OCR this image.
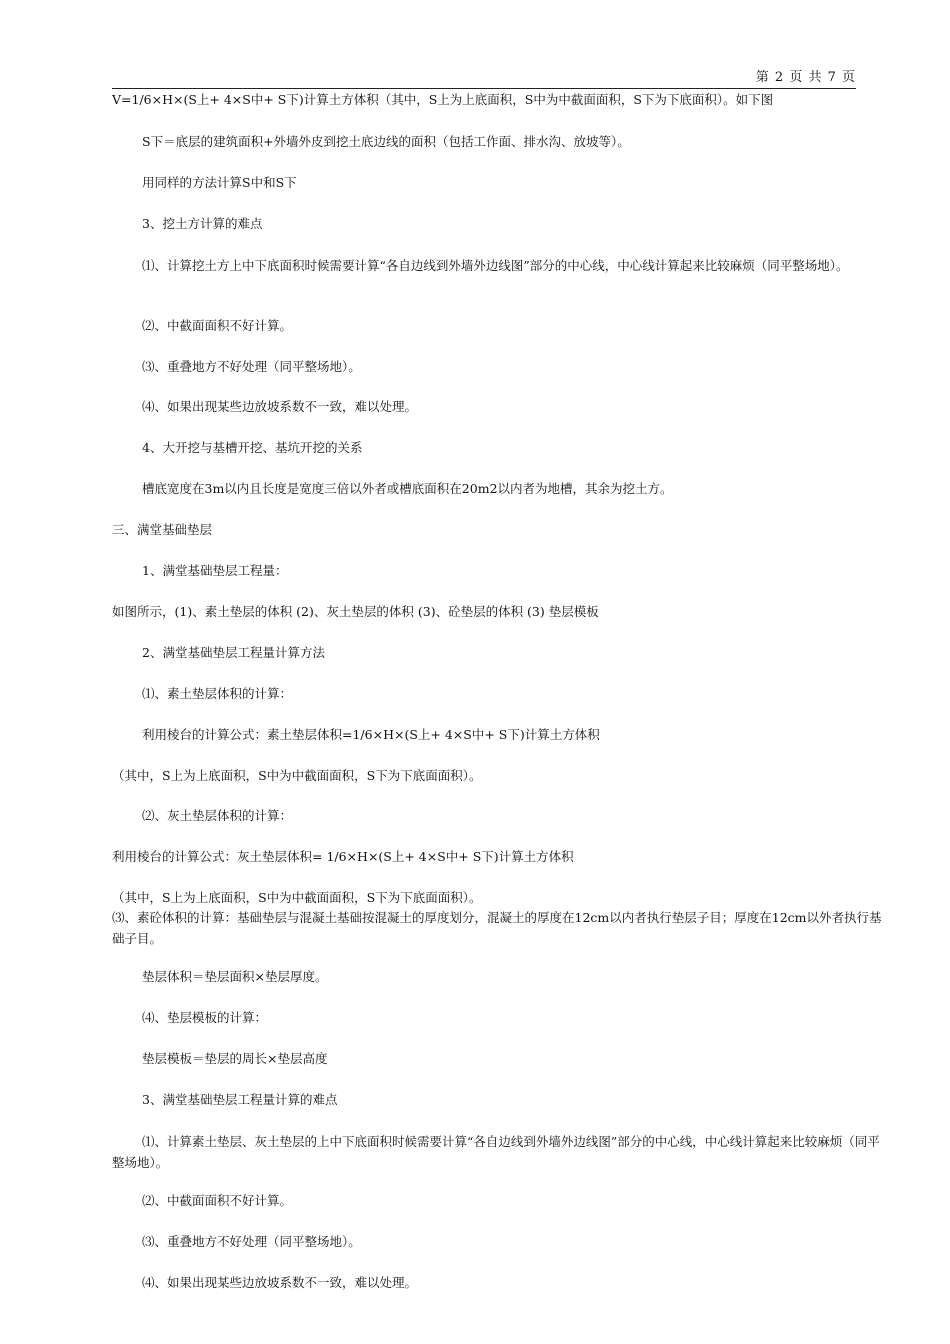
第 2 页 共 7 页
V=1/6×H×(S上+ 4×S中+ S下)计算土方体积（其中，S上为上底面积，S中为中截面面积，S下为下底面积）。如下图
S下＝底层的建筑面积+外墙外皮到挖土底边线的面积（包括工作面、排水沟、放坡等）。
用同样的方法计算S中和S下
3、挖土方计算的难点
⑴、计算挖土方上中下底面积时候需要计算“各自边线到外墙外边线图”部分的中心线，中心线计算起来比较麻烦（同平整场地）。
⑵、中截面面积不好计算。
⑶、重叠地方不好处理（同平整场地）。
⑷、如果出现某些边放坡系数不一致，难以处理。
4、大开挖与基槽开挖、基坑开挖的关系
槽底宽度在3m以内且长度是宽度三倍以外者或槽底面积在20m2以内者为地槽，其余为挖土方。
三、满堂基础垫层
1、满堂基础垫层工程量：
如图所示，(1)、素土垫层的体积 (2)、灰土垫层的体积 (3)、砼垫层的体积 (3) 垫层模板
2、满堂基础垫层工程量计算方法
⑴、素土垫层体积的计算：
利用棱台的计算公式：素土垫层体积=1/6×H×(S上+ 4×S中+ S下)计算土方体积
（其中，S上为上底面积，S中为中截面面积，S下为下底面面积）。
⑵、灰土垫层体积的计算：
利用棱台的计算公式：灰土垫层体积= 1/6×H×(S上+ 4×S中+ S下)计算土方体积
（其中，S上为上底面积，S中为中截面面积，S下为下底面面积）。
⑶、素砼体积的计算：基础垫层与混凝土基础按混凝土的厚度划分，混凝土的厚度在12cm以内者执行垫层子目；厚度在12cm以外者执行基础子目。
垫层体积＝垫层面积×垫层厚度。
⑷、垫层模板的计算：
垫层模板＝垫层的周长×垫层高度
3、满堂基础垫层工程量计算的难点
⑴、计算素土垫层、灰土垫层的上中下底面积时候需要计算“各自边线到外墙外边线图”部分的中心线，中心线计算起来比较麻烦（同平整场地）。
⑵、中截面面积不好计算。
⑶、重叠地方不好处理（同平整场地）。
⑷、如果出现某些边放坡系数不一致，难以处理。
